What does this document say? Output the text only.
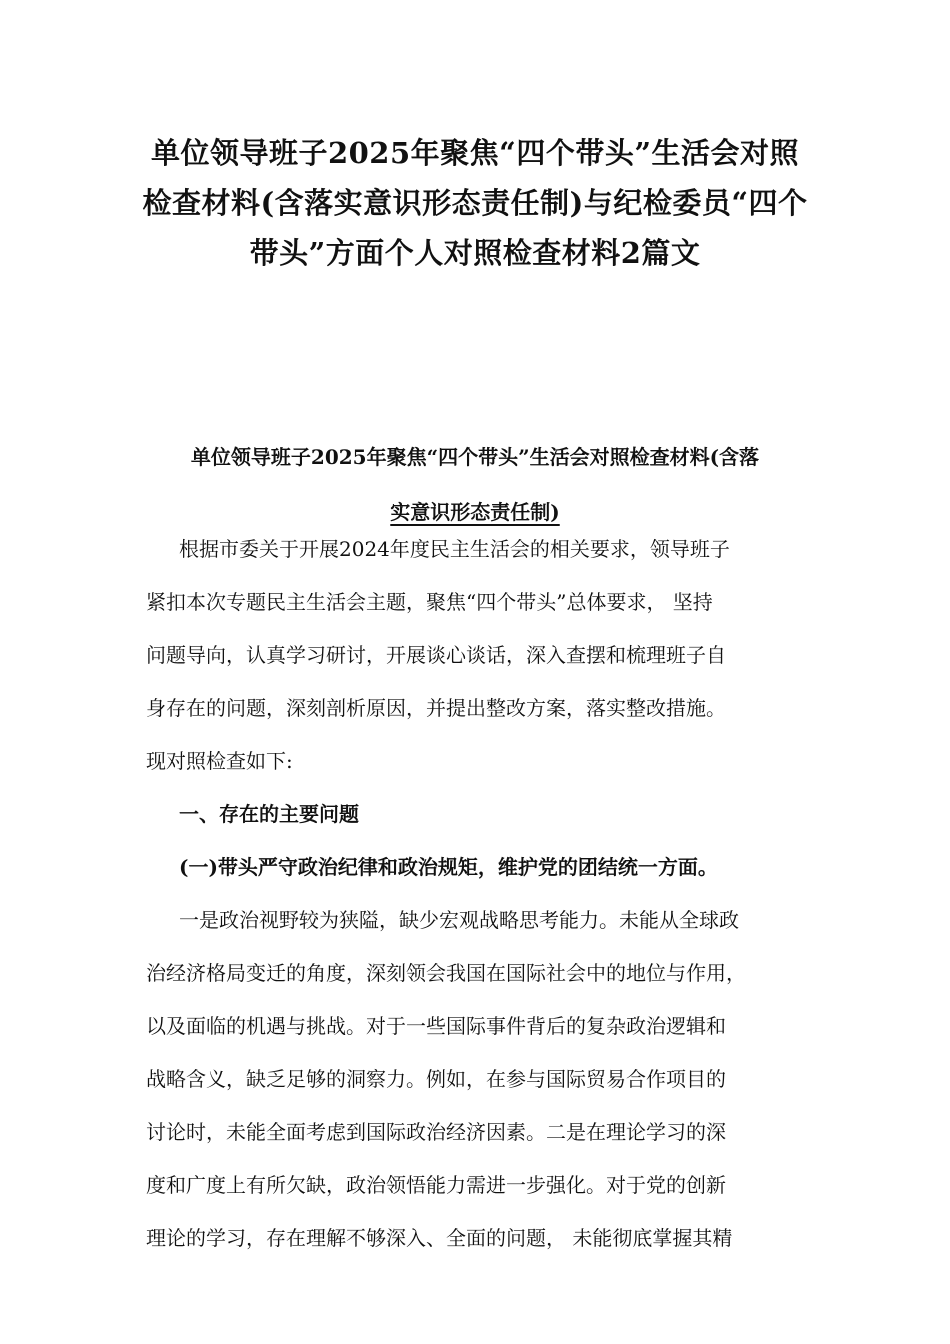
单位领导班子2025年聚焦“四个带头”生活会对照
检查材料(含落实意识形态责任制)与纪检委员“四个
带头”方面个人对照检查材料2篇文
单位领导班子2025年聚焦“四个带头”生活会对照检查材料(含落
实意识形态责任制)
根据市委关于开展2024年度民主生活会的相关要求，领导班子
紧扣本次专题民主生活会主题，聚焦“四个带头”总体要求， 坚持
问题导向，认真学习研讨，开展谈心谈话，深入查摆和梳理班子自
身存在的问题，深刻剖析原因，并提出整改方案，落实整改措施。
现对照检查如下:
一、存在的主要问题
(一)带头严守政治纪律和政治规矩，维护党的团结统一方面。
一是政治视野较为狭隘，缺少宏观战略思考能力。未能从全球政
治经济格局变迁的角度，深刻领会我国在国际社会中的地位与作用，
以及面临的机遇与挑战。对于一些国际事件背后的复杂政治逻辑和
战略含义，缺乏足够的洞察力。例如，在参与国际贸易合作项目的
讨论时，未能全面考虑到国际政治经济因素。二是在理论学习的深
度和广度上有所欠缺，政治领悟能力需进一步强化。对于党的创新
理论的学习，存在理解不够深入、全面的问题， 未能彻底掌握其精
